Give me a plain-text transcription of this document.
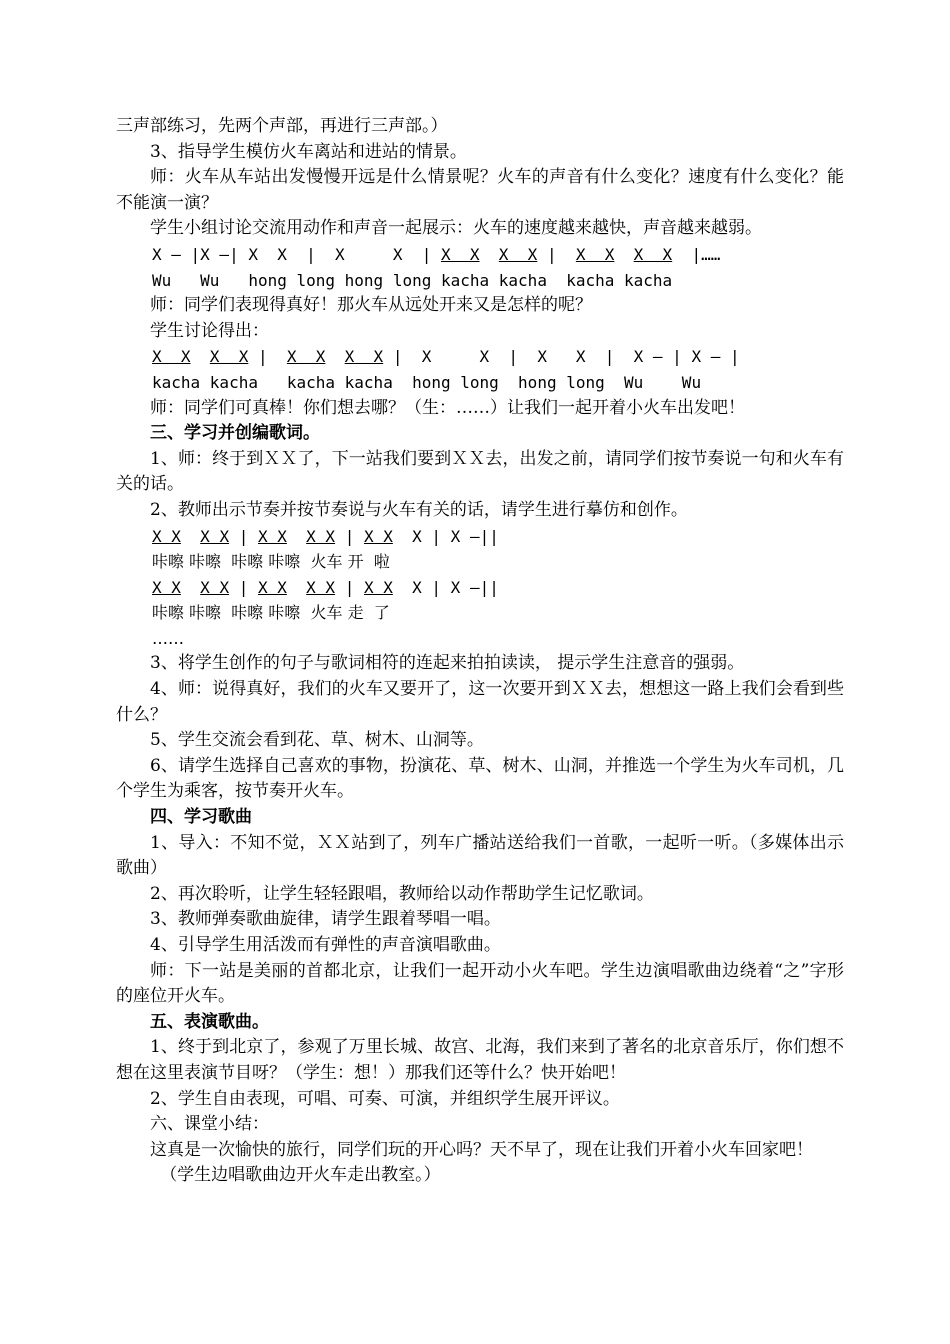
三声部练习，先两个声部，再进行三声部。）

3、指导学生模仿火车离站和进站的情景。

师：火车从车站出发慢慢开远是什么情景呢？火车的声音有什么变化？速度有什么变化？能不能演一演？

学生小组讨论交流用动作和声音一起展示：火车的速度越来越快，声音越来越弱。

X — |X —| X  X  |  X     X  | X  X X  X |  X  X X  X  |……

Wu   Wu   hong long hong long kacha kacha  kacha kacha

师：同学们表现得真好！那火车从远处开来又是怎样的呢？

学生讨论得出：

X  X X  X |  X  X X  X |  X     X  |  X   X  |  X — | X — |

kacha kacha   kacha kacha  hong long  hong long  Wu    Wu

师：同学们可真棒！你们想去哪？（生：……）让我们一起开着小火车出发吧！

三、学习并创编歌词。

1、师：终于到ＸＸ了，下一站我们要到ＸＸ去，出发之前，请同学们按节奏说一句和火车有关的话。

2、教师出示节奏并按节奏说与火车有关的话，请学生进行摹仿和创作。

X X X X | X X X X | X X  X | X —||

咔嚓 咔嚓  咔嚓 咔嚓  火车 开  啦

X X X X | X X X X | X X  X | X —||

咔嚓 咔嚓  咔嚓 咔嚓  火车 走  了

……

3、将学生创作的句子与歌词相符的连起来拍拍读读， 提示学生注意音的强弱。

4、师：说得真好，我们的火车又要开了，这一次要开到ＸＸ去，想想这一路上我们会看到些什么？

5、学生交流会看到花、草、树木、山洞等。

6、请学生选择自己喜欢的事物，扮演花、草、树木、山洞，并推选一个学生为火车司机，几个学生为乘客，按节奏开火车。

四、学习歌曲

1、导入：不知不觉，ＸＸ站到了，列车广播站送给我们一首歌，一起听一听。（多媒体出示歌曲）

2、再次聆听，让学生轻轻跟唱，教师给以动作帮助学生记忆歌词。

3、教师弹奏歌曲旋律，请学生跟着琴唱一唱。

4、引导学生用活泼而有弹性的声音演唱歌曲。

师：下一站是美丽的首都北京，让我们一起开动小火车吧。学生边演唱歌曲边绕着“之”字形的座位开火车。

五、表演歌曲。

1、终于到北京了，参观了万里长城、故宫、北海，我们来到了著名的北京音乐厅，你们想不想在这里表演节目呀？（学生：想！）那我们还等什么？快开始吧！

2、学生自由表现，可唱、可奏、可演，并组织学生展开评议。

六、课堂小结：

这真是一次愉快的旅行，同学们玩的开心吗？天不早了，现在让我们开着小火车回家吧！

（学生边唱歌曲边开火车走出教室。）
